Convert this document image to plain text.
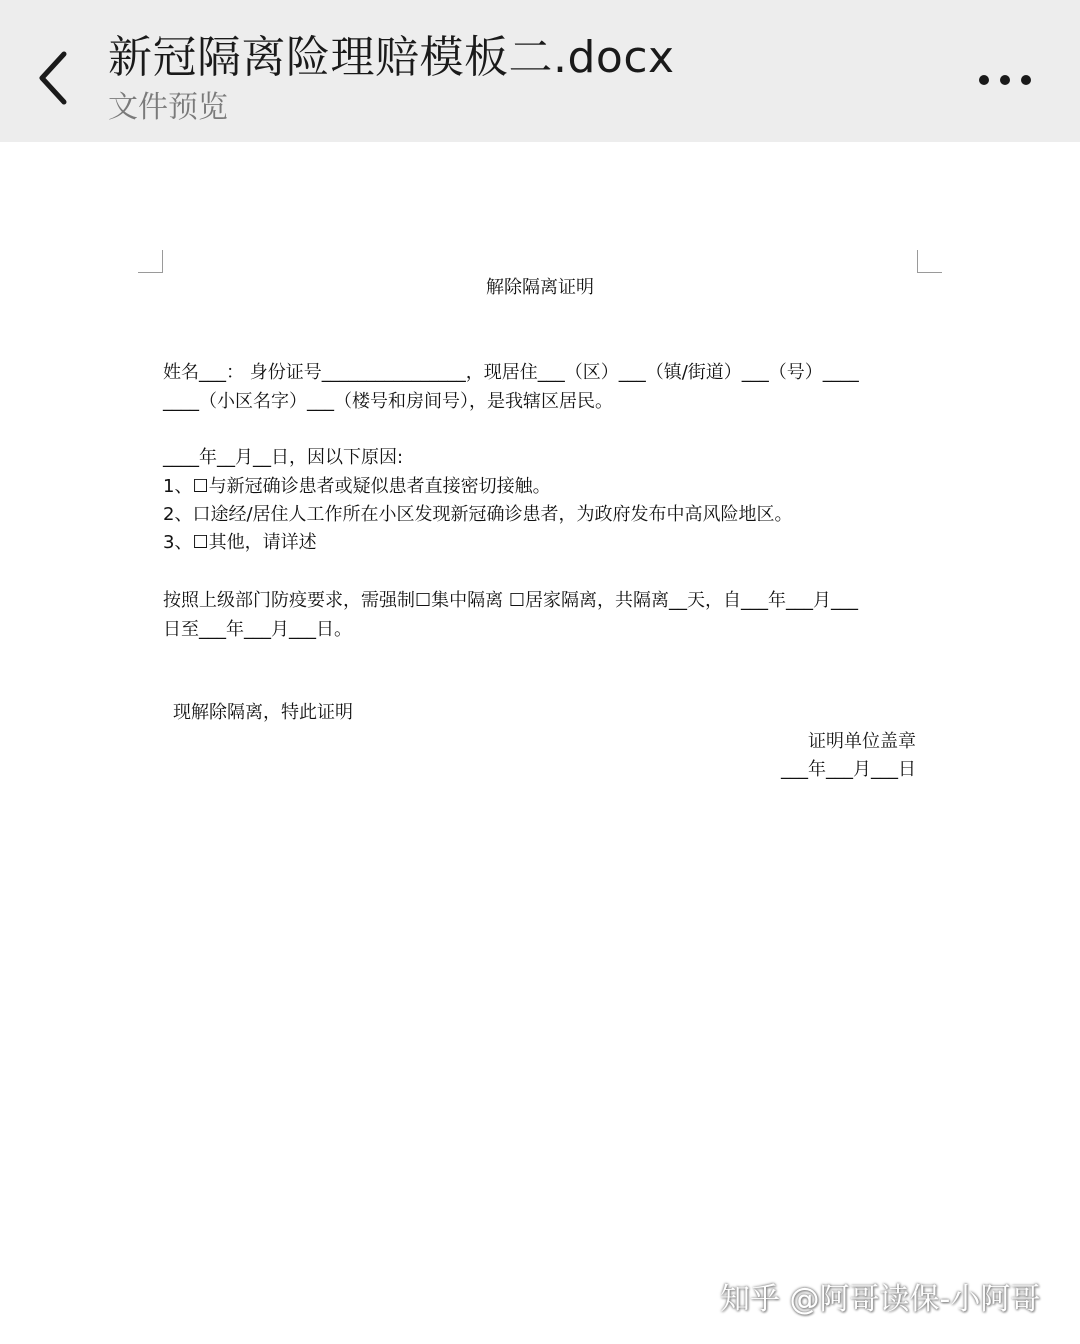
新冠隔离险理赔模板二.docx
文件预览
解除隔离证明
姓名___： 身份证号________________，现居住___（区）___（镇/街道）___（号）____
____（小区名字）___（楼号和房间号），是我辖区居民。
____年__月__日，因以下原因:
1、☐与新冠确诊患者或疑似患者直接密切接触。
2、口途经/居住人工作所在小区发现新冠确诊患者，为政府发布中高风险地区。
3、☐其他，请详述
按照上级部门防疫要求，需强制☐集中隔离 ☐居家隔离，共隔离__天，自___年___月___
日至___年___月___日。
现解除隔离，特此证明
证明单位盖章
___年___月___日
知乎 @阿哥读保-小阿哥
